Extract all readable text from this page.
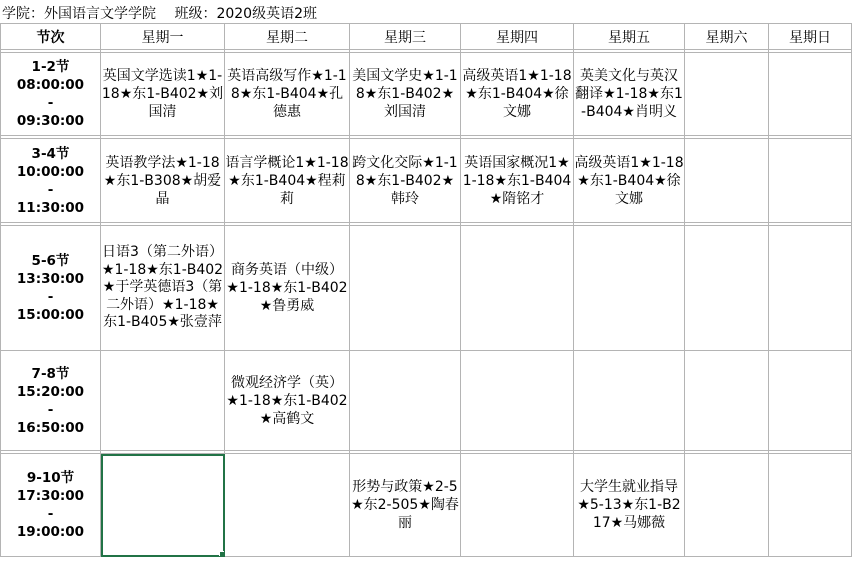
学院：外国语言文学学院　 班级：2020级英语2班
节次	星期一	星期二	星期三	星期四	星期五	星期六	星期日

1-2节
08:00:00
-
09:30:00	英国文学选读1★1-18★东1-B402★刘国清	英语高级写作★1-18★东1-B404★孔德惠	美国文学史★1-18★东1-B402★刘国清	高级英语1★1-18★东1-B404★徐文娜	英美文化与英汉翻译★1-18★东1-B404★肖明义		

3-4节
10:00:00
-
11:30:00	英语教学法★1-18★东1-B308★胡爱晶	语言学概论1★1-18★东1-B404★程莉莉	跨文化交际★1-18★东1-B402★韩玲	英语国家概况1★1-18★东1-B404★隋铭才	高级英语1★1-18★东1-B404★徐文娜		

5-6节
13:30:00
-
15:00:00	日语3（第二外语）★1-18★东1-B402★于学英德语3（第二外语）★1-18★东1-B405★张壹萍	商务英语（中级）★1-18★东1-B402★鲁勇威					

7-8节
15:20:00
-
16:50:00		微观经济学（英）★1-18★东1-B402★高鹤文					

9-10节
17:30:00
-
19:00:00			形势与政策★2-5★东2-505★陶春丽		大学生就业指导★5-13★东1-B217★马娜薇		
